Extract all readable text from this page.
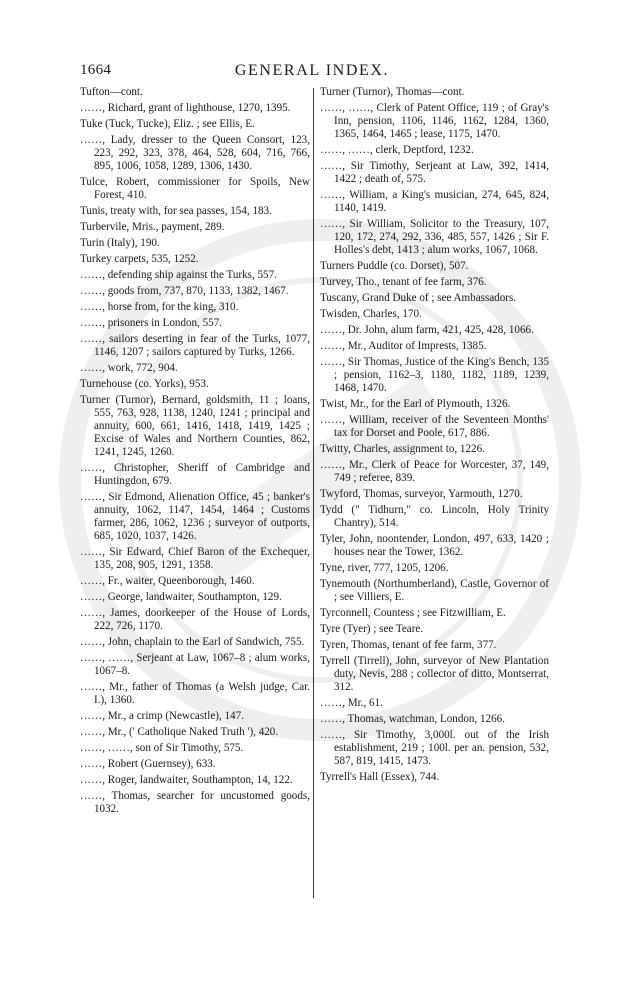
1664	GENERAL INDEX.
Tufton—cont.
……, Richard, grant of lighthouse, 1270, 1395.
Tuke (Tuck, Tucke), Eliz. ; see Ellis, E.
……, Lady, dresser to the Queen Consort, 123, 223, 292, 323, 378, 464, 528, 604, 716, 766, 895, 1006, 1058, 1289, 1306, 1430.
Tulce, Robert, commissioner for Spoils, New Forest, 410.
Tunis, treaty with, for sea passes, 154, 183.
Turbervile, Mris., payment, 289.
Turin (Italy), 190.
Turkey carpets, 535, 1252.
……, defending ship against the Turks, 557.
……, goods from, 737, 870, 1133, 1382, 1467.
……, horse from, for the king, 310.
……, prisoners in London, 557.
……, sailors deserting in fear of the Turks, 1077, 1146, 1207 ; sailors captured by Turks, 1266.
……, work, 772, 904.
Turnehouse (co. Yorks), 953.
Turner (Turnor), Bernard, goldsmith, 11 ; loans, 555, 763, 928, 1138, 1240, 1241 ; principal and annuity, 600, 661, 1416, 1418, 1419, 1425 ; Excise of Wales and Northern Counties, 862, 1241, 1245, 1260.
……, Christopher, Sheriff of Cambridge and Huntingdon, 679.
……, Sir Edmond, Alienation Office, 45 ; banker's annuity, 1062, 1147, 1454, 1464 ; Customs farmer, 286, 1062, 1236 ; surveyor of outports, 685, 1020, 1037, 1426.
……, Sir Edward, Chief Baron of the Exchequer, 135, 208, 905, 1291, 1358.
……, Fr., waiter, Queenborough, 1460.
……, George, landwaiter, Southampton, 129.
……, James, doorkeeper of the House of Lords, 222, 726, 1170.
……, John, chaplain to the Earl of Sandwich, 755.
……, ……, Serjeant at Law, 1067–8 ; alum works, 1067–8.
……, Mr., father of Thomas (a Welsh judge, Car. I.), 1360.
……, Mr., a crimp (Newcastle), 147.
……, Mr., (' Catholique Naked Truth '), 420.
……, ……, son of Sir Timothy, 575.
……, Robert (Guernsey), 633.
……, Roger, landwaiter, Southampton, 14, 122.
……, Thomas, searcher for uncustomed goods, 1032.
Turner (Turnor), Thomas—cont.
……, ……, Clerk of Patent Office, 119 ; of Gray's Inn, pension, 1106, 1146, 1162, 1284, 1360, 1365, 1464, 1465 ; lease, 1175, 1470.
……, ……, clerk, Deptford, 1232.
……, Sir Timothy, Serjeant at Law, 392, 1414, 1422 ; death of, 575.
……, William, a King's musician, 274, 645, 824, 1140, 1419.
……, Sir William, Solicitor to the Treasury, 107, 120, 172, 274, 292, 336, 485, 557, 1426 ; Sir F. Holles's debt, 1413 ; alum works, 1067, 1068.
Turners Puddle (co. Dorset), 507.
Turvey, Tho., tenant of fee farm, 376.
Tuscany, Grand Duke of ; see Ambassadors.
Twisden, Charles, 170.
……, Dr. John, alum farm, 421, 425, 428, 1066.
……, Mr., Auditor of Imprests, 1385.
……, Sir Thomas, Justice of the King's Bench, 135 ; pension, 1162–3, 1180, 1182, 1189, 1239, 1468, 1470.
Twist, Mr., for the Earl of Plymouth, 1326.
……, William, receiver of the Seventeen Months' tax for Dorset and Poole, 617, 886.
Twitty, Charles, assignment to, 1226.
……, Mr., Clerk of Peace for Worcester, 37, 149, 749 ; referee, 839.
Twyford, Thomas, surveyor, Yarmouth, 1270.
Tydd (" Tidhurn," co. Lincoln, Holy Trinity Chantry), 514.
Tyler, John, noontender, London, 497, 633, 1420 ; houses near the Tower, 1362.
Tyne, river, 777, 1205, 1206.
Tynemouth (Northumberland), Castle, Governor of ; see Villiers, E.
Tyrconnell, Countess ; see Fitzwilliam, E.
Tyre (Tyer) ; see Teare.
Tyren, Thomas, tenant of fee farm, 377.
Tyrrell (Tirrell), John, surveyor of New Plantation duty, Nevis, 288 ; collector of ditto, Montserrat, 312.
……, Mr., 61.
……, Thomas, watchman, London, 1266.
……, Sir Timothy, 3,000l. out of the Irish establishment, 219 ; 100l. per an. pension, 532, 587, 819, 1415, 1473.
Tyrrell's Hall (Essex), 744.
